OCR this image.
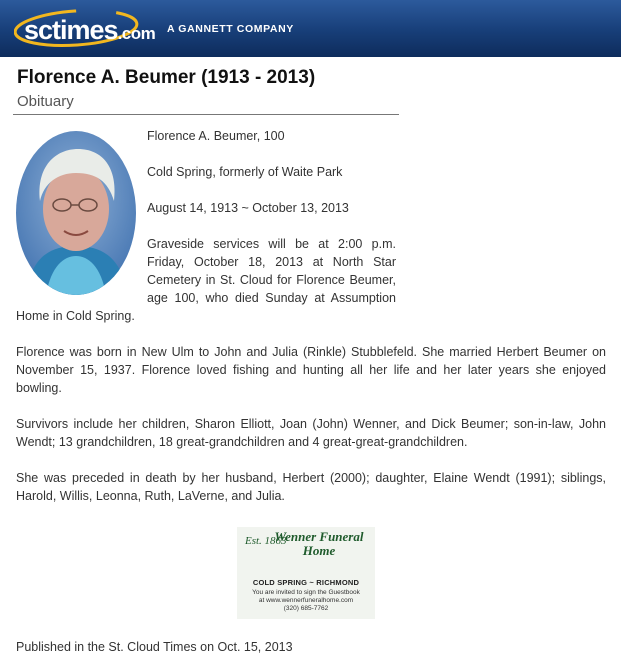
sctimes.com A GANNETT COMPANY
Florence A. Beumer (1913 - 2013)
Obituary

Florence A. Beumer, 100

Cold Spring, formerly of Waite Park

August 14, 1913 ~ October 13, 2013

Graveside services will be at 2:00 p.m. Friday, October 18, 2013 at North Star Cemetery in St. Cloud for Florence Beumer, age 100, who died Sunday at Assumption Home in Cold Spring.

Florence was born in New Ulm to John and Julia (Rinkle) Stubblefeld. She married Herbert Beumer on November 15, 1937. Florence loved fishing and hunting all her life and her later years she enjoyed bowling.

Survivors include her children, Sharon Elliott, Joan (John) Wenner, and Dick Beumer; son-in-law, John Wendt; 13 grandchildren, 18 great-grandchildren and 4 great-great-grandchildren.

She was preceded in death by her husband, Herbert (2000); daughter, Elaine Wendt (1991); siblings, Harold, Willis, Leonna, Ruth, LaVerne, and Julia.

Est. 1863
Wenner Funeral Home
COLD SPRING ~ RICHMOND
You are invited to sign the Guestbook
at www.wennerfuneralhome.com
(320) 685-7762
Published in the St. Cloud Times on Oct. 15, 2013
